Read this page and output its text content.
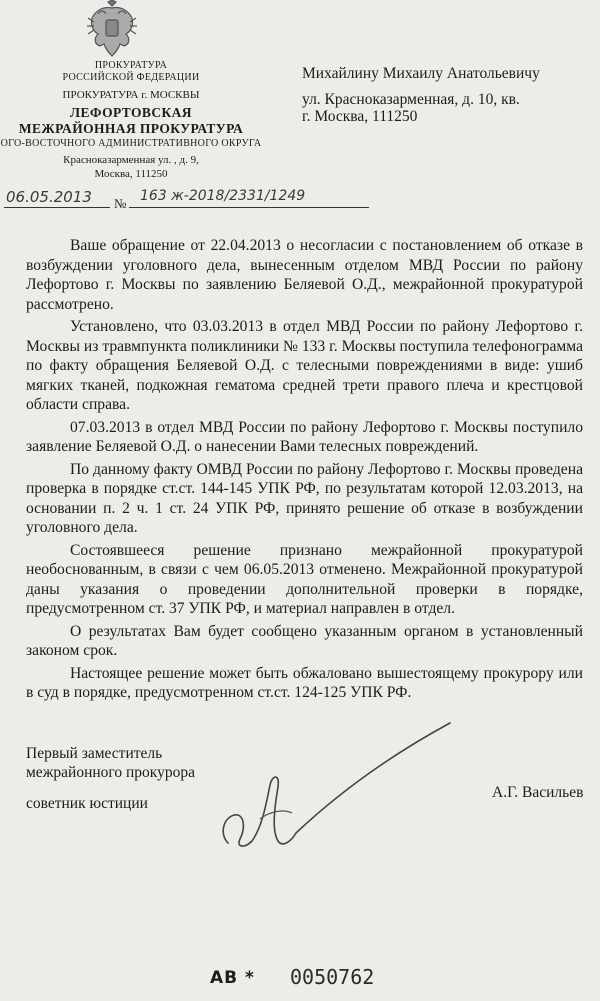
ПРОКУРАТУРА
РОССИЙСКОЙ ФЕДЕРАЦИИ
ПРОКУРАТУРА г. МОСКВЫ
ЛЕФОРТОВСКАЯ
МЕЖРАЙОННАЯ ПРОКУРАТУРА
ОГО-ВОСТОЧНОГО АДМИНИСТРАТИВНОГО ОКРУГА
Красноказарменная ул. , д. 9,
Москва, 111250
Михайлину Михаилу Анатольевичу
ул. Красноказарменная, д. 10, кв.
г. Москва, 111250
06.05.2013 № 163 ж-2018/2331/1249

Ваше обращение от 22.04.2013 о несогласии с постановлением об отказе в возбуждении уголовного дела, вынесенным отделом МВД России по району Лефортово г. Москвы по заявлению Беляевой О.Д., межрайонной прокуратурой рассмотрено.

Установлено, что 03.03.2013 в отдел МВД России по району Лефортово г. Москвы из травмпункта поликлиники № 133 г. Москвы поступила телефонограмма по факту обращения Беляевой О.Д. с телесными повреждениями в виде: ушиб мягких тканей, подкожная гематома средней трети правого плеча и крестцовой области справа.

07.03.2013 в отдел МВД России по району Лефортово г. Москвы поступило заявление Беляевой О.Д. о нанесении Вами телесных повреждений.

По данному факту ОМВД России по району Лефортово г. Москвы проведена проверка в порядке ст.ст. 144-145 УПК РФ, по результатам которой 12.03.2013, на основании п. 2 ч. 1 ст. 24 УПК РФ, принято решение об отказе в возбуждении уголовного дела.

Состоявшееся решение признано межрайонной прокуратурой необоснованным, в связи с чем 06.05.2013 отменено. Межрайонной прокуратурой даны указания о проведении дополнительной проверки в порядке, предусмотренном ст. 37 УПК РФ, и материал направлен в отдел.

О результатах Вам будет сообщено указанным органом в установленный законом срок.

Настоящее решение может быть обжаловано вышестоящему прокурору или в суд в порядке, предусмотренном ст.ст. 124-125 УПК РФ.

Первый заместитель
межрайонного прокурора
советник юстиции
А.Г. Васильев
АВ * 0050762
